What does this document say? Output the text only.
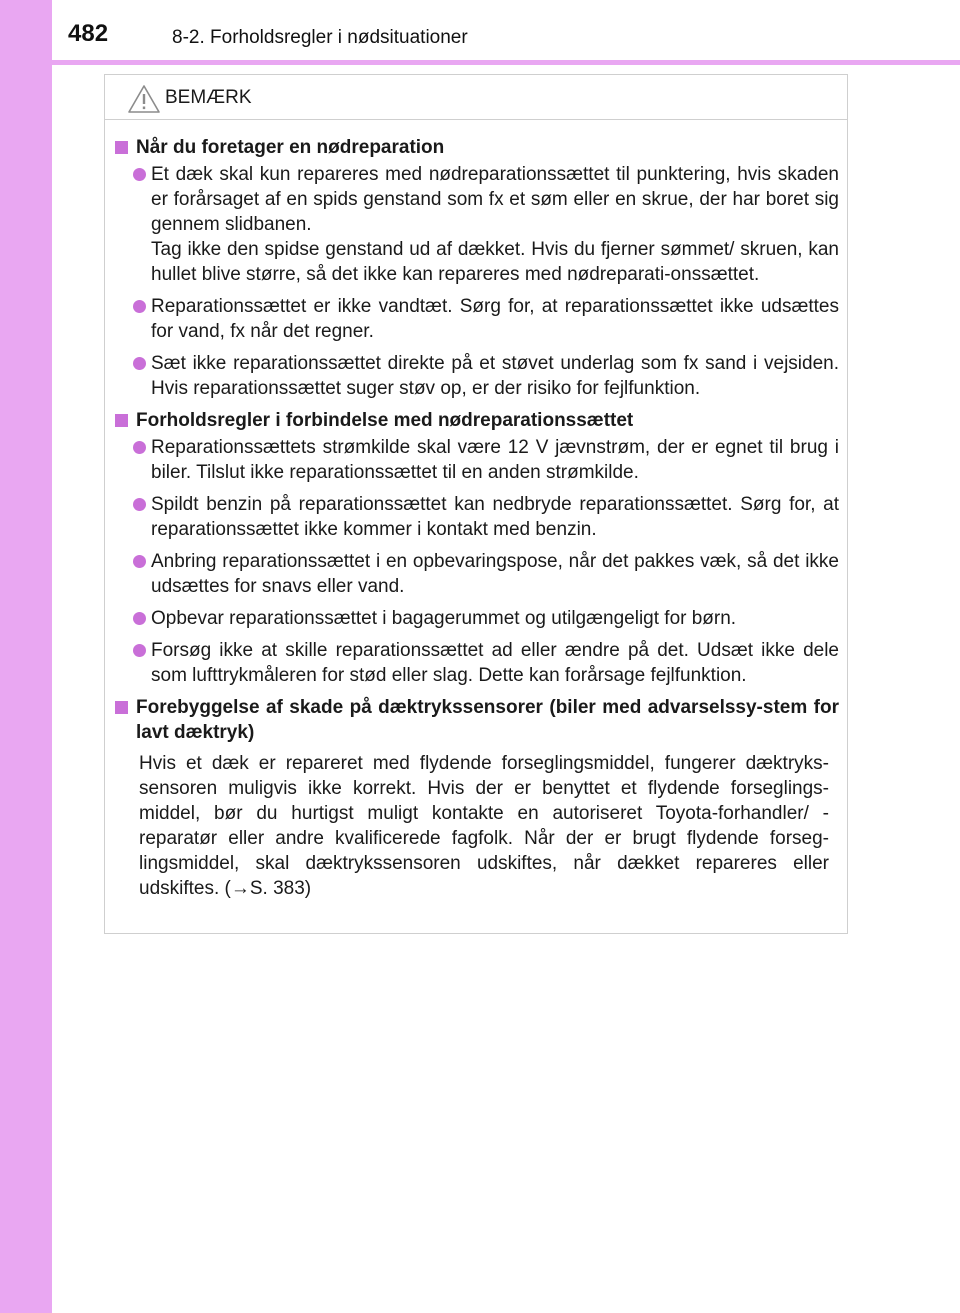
482	8-2. Forholdsregler i nødsituationer
BEMÆRK
Når du foretager en nødreparation

Et dæk skal kun repareres med nødreparationssættet til punktering, hvis skaden er forårsaget af en spids genstand som fx et søm eller en skrue, der har boret sig gennem slidbanen.

Tag ikke den spidse genstand ud af dækket. Hvis du fjerner sømmet/ skruen, kan hullet blive større, så det ikke kan repareres med nødreparati-onssættet.

Reparationssættet er ikke vandtæt. Sørg for, at reparationssættet ikke udsættes for vand, fx når det regner.

Sæt ikke reparationssættet direkte på et støvet underlag som fx sand i vejsiden. Hvis reparationssættet suger støv op, er der risiko for fejlfunktion.

Forholdsregler i forbindelse med nødreparationssættet

Reparationssættets strømkilde skal være 12 V jævnstrøm, der er egnet til brug i biler. Tilslut ikke reparationssættet til en anden strømkilde.

Spildt benzin på reparationssættet kan nedbryde reparationssættet. Sørg for, at reparationssættet ikke kommer i kontakt med benzin.

Anbring reparationssættet i en opbevaringspose, når det pakkes væk, så det ikke udsættes for snavs eller vand.

Opbevar reparationssættet i bagagerummet og utilgængeligt for børn.

Forsøg ikke at skille reparationssættet ad eller ændre på det. Udsæt ikke dele som lufttrykmåleren for stød eller slag. Dette kan forårsage fejlfunktion.

Forebyggelse af skade på dæktrykssensorer (biler med advarselssy-stem for lavt dæktryk)

Hvis et dæk er repareret med flydende forseglingsmiddel, fungerer dæktryks-sensoren muligvis ikke korrekt. Hvis der er benyttet et flydende forseglings-middel, bør du hurtigst muligt kontakte en autoriseret Toyota-forhandler/ -reparatør eller andre kvalificerede fagfolk. Når der er brugt flydende forseg-lingsmiddel, skal dæktrykssensoren udskiftes, når dækket repareres eller udskiftes. (→S. 383)
